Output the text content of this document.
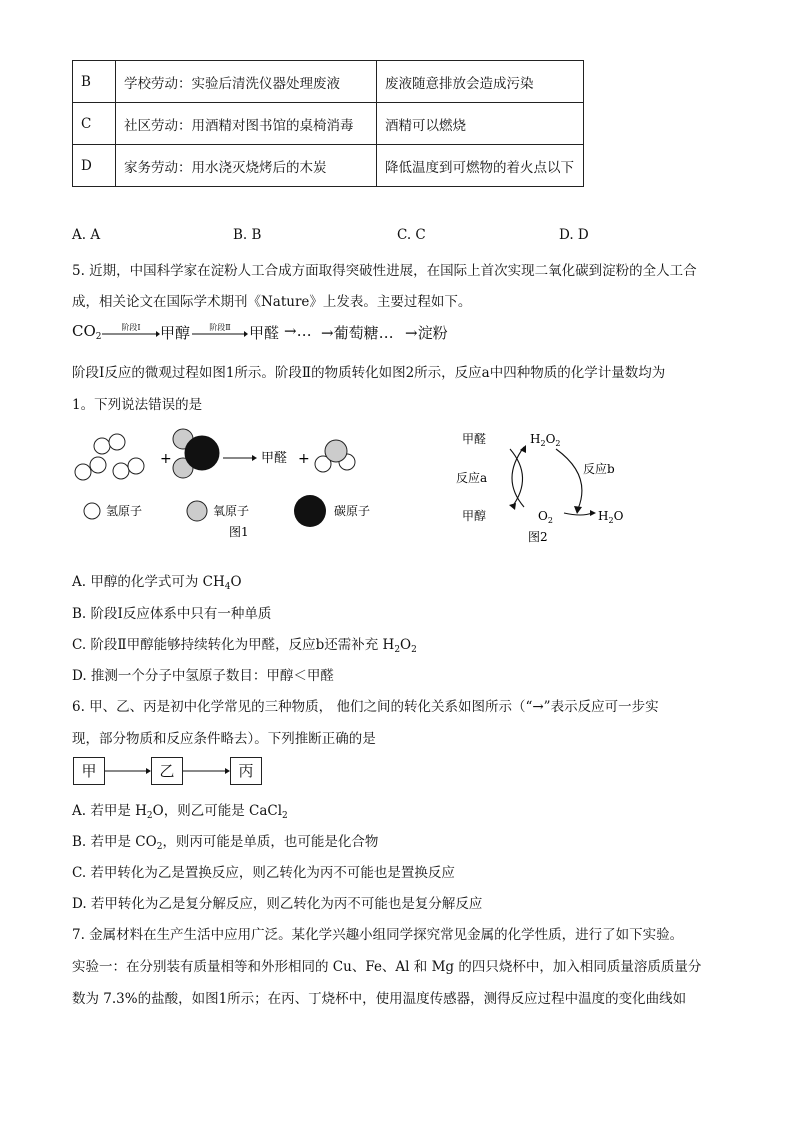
B	学校劳动：实验后清洗仪器处理废液	废液随意排放会造成污染
C	社区劳动：用酒精对图书馆的桌椅消毒	酒精可以燃烧
D	家务劳动：用水浇灭烧烤后的木炭	降低温度到可燃物的着火点以下
A. A	B. B	C. C	D. D
5. 近期，中国科学家在淀粉人工合成方面取得突破性进展，在国际上首次实现二氧化碳到淀粉的全人工合
成，相关论文在国际学术期刊《Nature》上发表。主要过程如下。
$CO_2$
阶段Ⅰ	甲醇	阶段Ⅱ	甲醛 →… →葡萄糖… →淀粉
阶段Ⅰ反应的微观过程如图1所示。阶段Ⅱ的物质转化如图2所示，反应a中四种物质的化学计量数均为
1。下列说法错误的是
+	甲醛 +
氢原子	氧原子	碳原子
图1
甲醛	$H_2O_2$
反应a
反应b
甲醇	$O_2$	$H_2O$
图2
A. 甲醇的化学式可为 $CH_4O$
B. 阶段Ⅰ反应体系中只有一种单质
C. 阶段Ⅱ甲醇能够持续转化为甲醛，反应b还需补充 $H_2O_2$
D. 推测一个分子中氢原子数目：甲醇＜甲醛
6. 甲、乙、丙是初中化学常见的三种物质， 他们之间的转化关系如图所示（“→”表示反应可一步实
现，部分物质和反应条件略去）。下列推断正确的是
甲	乙	丙
A. 若甲是 $H_2O$，则乙可能是 CaCl$_2$
B. 若甲是 $CO_2$，则丙可能是单质，也可能是化合物
C. 若甲转化为乙是置换反应，则乙转化为丙不可能也是置换反应
D. 若甲转化为乙是复分解反应，则乙转化为丙不可能也是复分解反应
7. 金属材料在生产生活中应用广泛。某化学兴趣小组同学探究常见金属的化学性质，进行了如下实验。
实验一：在分别装有质量相等和外形相同的 Cu、Fe、Al 和 Mg 的四只烧杯中，加入相同质量溶质质量分
数为 7.3%的盐酸，如图1所示；在丙、丁烧杯中，使用温度传感器，测得反应过程中温度的变化曲线如
